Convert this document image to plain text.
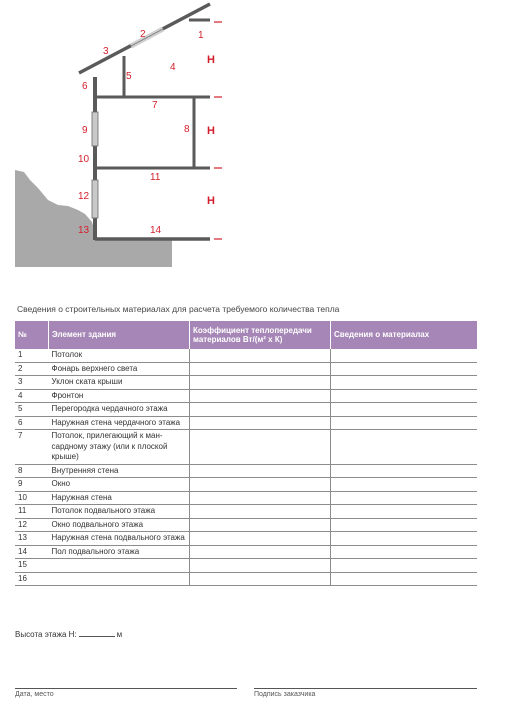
H
H
H
1
2
3
4
5
6
7
8
9
10
11
12
13	14
Сведения о строительных материалах для расчета требуемого количества тепла
№	Элемент здания	Коэффициент теплопередачи материалов Вт/(м² х К)	Сведения о материалах
1	Потолок		
2	Фонарь верхнего света		
3	Уклон ската крыши		
4	Фронтон		
5	Перегородка чердачного этажа		
6	Наружная стена чердачного этажа		
7	Потолок, прилегающий к ман- сардному этажу (или к плоской крыше)		
8	Внутренняя стена		
9	Окно		
10	Наружная стена		
11	Потолок подвального этажа		
12	Окно подвального этажа		
13	Наружная стена подвального этажа		
14	Пол подвального этажа		
15			
16			
Высота этажа H:	м
Дата, место	Подпись заказчика
